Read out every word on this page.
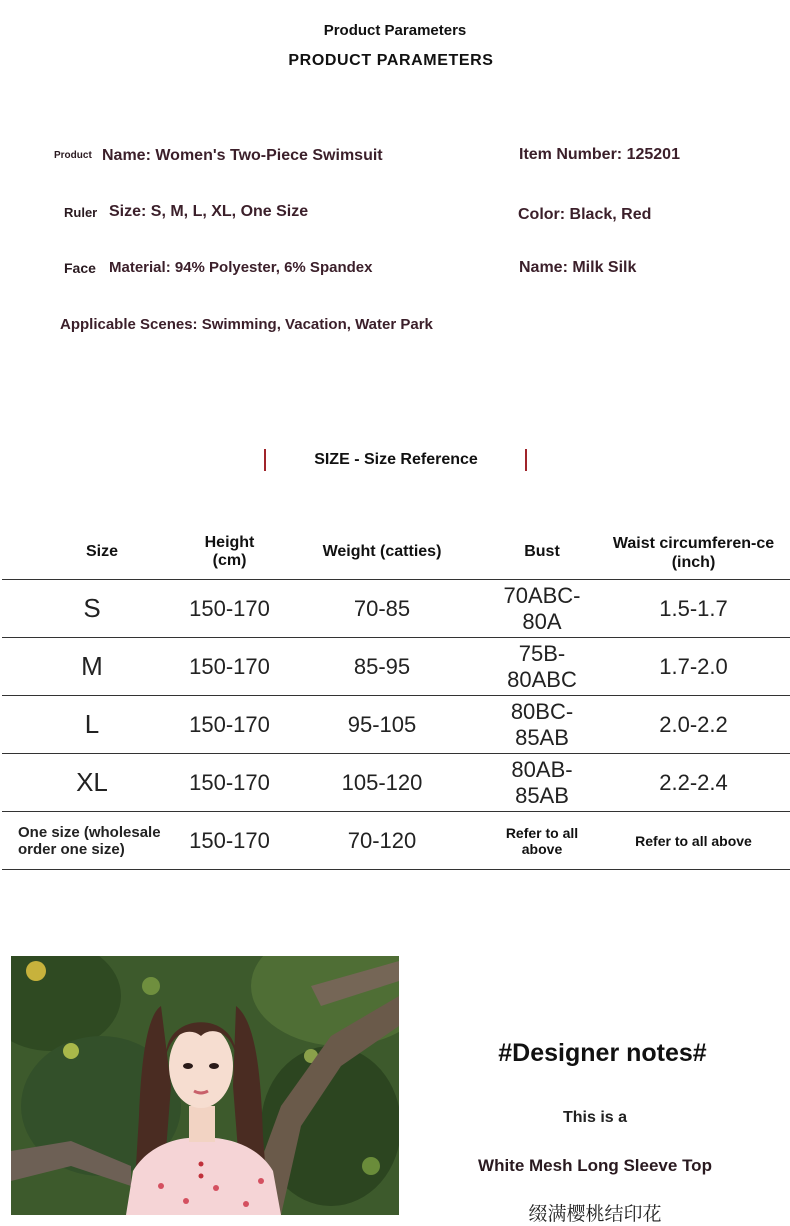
Product Parameters
PRODUCT PARAMETERS
Product Name: Women's Two-Piece Swimsuit	Item Number: 125201
Ruler Size: S, M, L, XL, One Size	Color: Black, Red
Face Material: 94% Polyester, 6% Spandex	Name: Milk Silk
Applicable Scenes: Swimming, Vacation, Water Park
SIZE - Size Reference
Size	Height (cm)	Weight (catties)	Bust	Waist circumferen-ce (inch)
S	150-170	70-85	70ABC-80A	1.5-1.7
M	150-170	85-95	75B-80ABC	1.7-2.0
L	150-170	95-105	80BC-85AB	2.0-2.2
XL	150-170	105-120	80AB-85AB	2.2-2.4
One size (wholesale order one size)	150-170	70-120	Refer to all above	Refer to all above
#Designer notes#
This is a
White Mesh Long Sleeve Top
缀满樱桃结印花
